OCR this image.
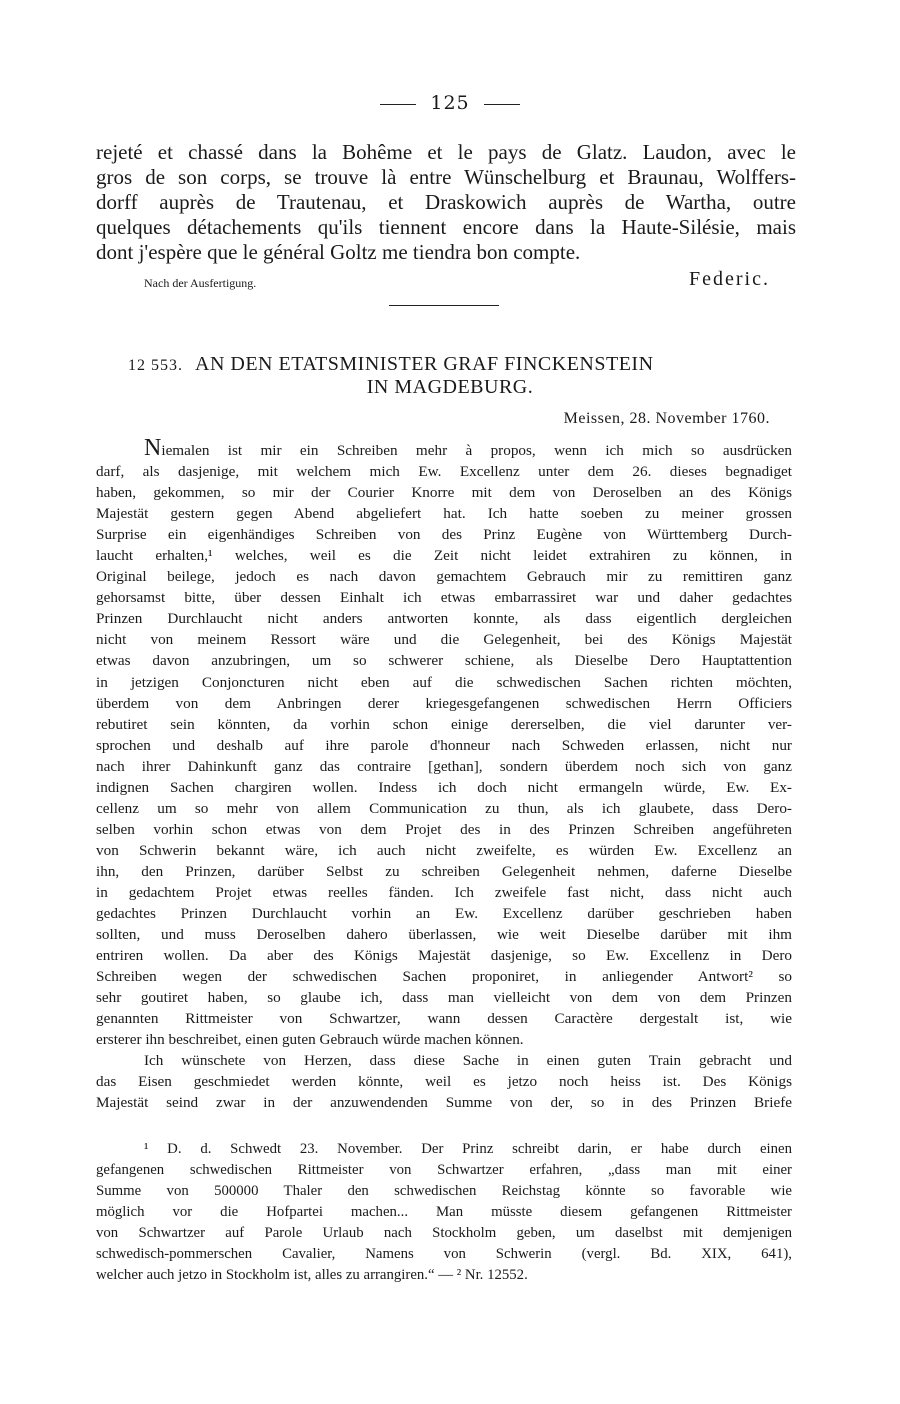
125
rejeté et chassé dans la Bohême et le pays de Glatz. Laudon, avec le
gros de son corps, se trouve là entre Wünschelburg et Braunau, Wolffers-
dorff auprès de Trautenau, et Draskowich auprès de Wartha, outre
quelques détachements qu'ils tiennent encore dans la Haute-Silésie, mais
dont j'espère que le général Goltz me tiendra bon compte.
Nach der Ausfertigung.	Federic.
12 553. AN DEN ETATSMINISTER GRAF FINCKENSTEIN
IN MAGDEBURG.
Meissen, 28. November 1760.
Niemalen ist mir ein Schreiben mehr à propos, wenn ich mich so ausdrücken
darf, als dasjenige, mit welchem mich Ew. Excellenz unter dem 26. dieses begnadiget
haben, gekommen, so mir der Courier Knorre mit dem von Deroselben an des Königs
Majestät gestern gegen Abend abgeliefert hat. Ich hatte soeben zu meiner grossen
Surprise ein eigenhändiges Schreiben von des Prinz Eugène von Württemberg Durch-
laucht erhalten,¹ welches, weil es die Zeit nicht leidet extrahiren zu können, in
Original beilege, jedoch es nach davon gemachtem Gebrauch mir zu remittiren ganz
gehorsamst bitte, über dessen Einhalt ich etwas embarrassiret war und daher gedachtes
Prinzen Durchlaucht nicht anders antworten konnte, als dass eigentlich dergleichen
nicht von meinem Ressort wäre und die Gelegenheit, bei des Königs Majestät
etwas davon anzubringen, um so schwerer schiene, als Dieselbe Dero Hauptattention
in jetzigen Conjoncturen nicht eben auf die schwedischen Sachen richten möchten,
überdem von dem Anbringen derer kriegesgefangenen schwedischen Herrn Officiers
rebutiret sein könnten, da vorhin schon einige dererselben, die viel darunter ver-
sprochen und deshalb auf ihre parole d'honneur nach Schweden erlassen, nicht nur
nach ihrer Dahinkunft ganz das contraire [gethan], sondern überdem noch sich von ganz
indignen Sachen chargiren wollen. Indess ich doch nicht ermangeln würde, Ew. Ex-
cellenz um so mehr von allem Communication zu thun, als ich glaubete, dass Dero-
selben vorhin schon etwas von dem Projet des in des Prinzen Schreiben angeführeten
von Schwerin bekannt wäre, ich auch nicht zweifelte, es würden Ew. Excellenz an
ihn, den Prinzen, darüber Selbst zu schreiben Gelegenheit nehmen, daferne Dieselbe
in gedachtem Projet etwas reelles fänden. Ich zweifele fast nicht, dass nicht auch
gedachtes Prinzen Durchlaucht vorhin an Ew. Excellenz darüber geschrieben haben
sollten, und muss Deroselben dahero überlassen, wie weit Dieselbe darüber mit ihm
entriren wollen. Da aber des Königs Majestät dasjenige, so Ew. Excellenz in Dero
Schreiben wegen der schwedischen Sachen proponiret, in anliegender Antwort² so
sehr goutiret haben, so glaube ich, dass man vielleicht von dem von dem Prinzen
genannten Rittmeister von Schwartzer, wann dessen Caractère dergestalt ist, wie
ersterer ihn beschreibet, einen guten Gebrauch würde machen können.
Ich wünschete von Herzen, dass diese Sache in einen guten Train gebracht und
das Eisen geschmiedet werden könnte, weil es jetzo noch heiss ist. Des Königs
Majestät seind zwar in der anzuwendenden Summe von der, so in des Prinzen Briefe
¹ D. d. Schwedt 23. November. Der Prinz schreibt darin, er habe durch einen
gefangenen schwedischen Rittmeister von Schwartzer erfahren, „dass man mit einer
Summe von 500000 Thaler den schwedischen Reichstag könnte so favorable wie
möglich vor die Hofpartei machen... Man müsste diesem gefangenen Rittmeister
von Schwartzer auf Parole Urlaub nach Stockholm geben, um daselbst mit demjenigen
schwedisch-pommerschen Cavalier, Namens von Schwerin (vergl. Bd. XIX, 641),
welcher auch jetzo in Stockholm ist, alles zu arrangiren.“ — ² Nr. 12552.
